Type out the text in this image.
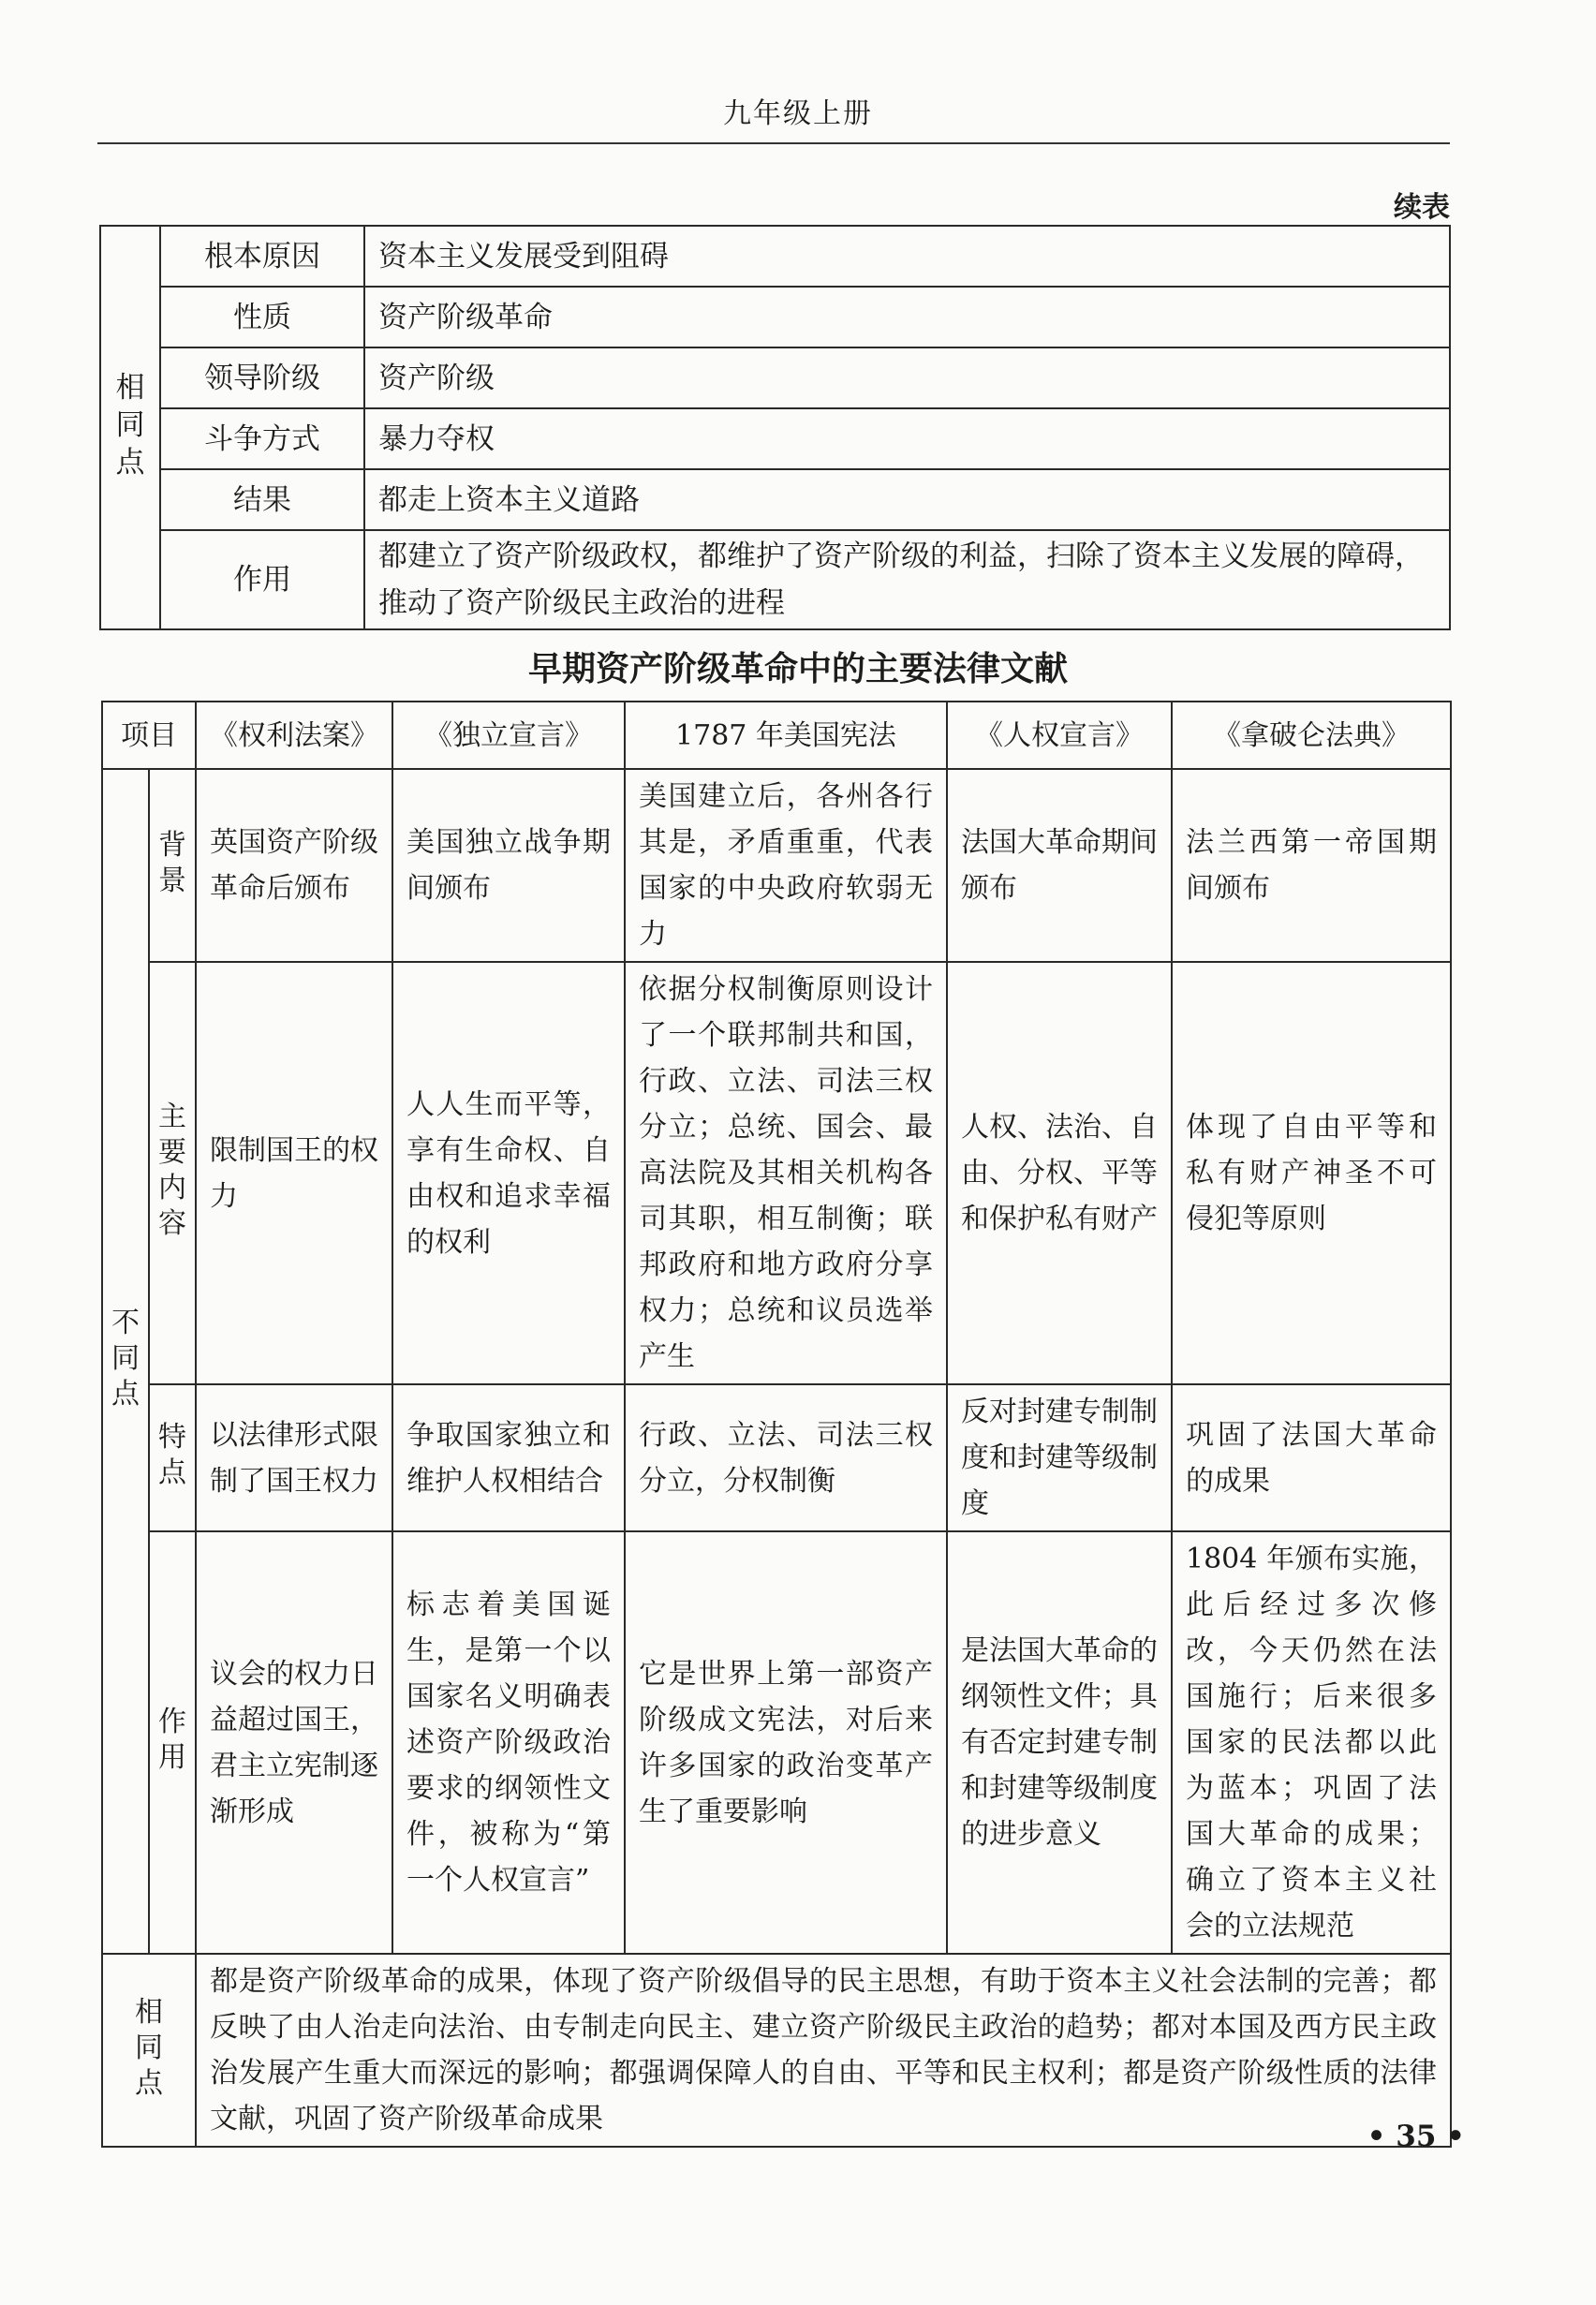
九年级上册
续表
相同点	根本原因	资本主义发展受到阻碍
	性质	资产阶级革命
	领导阶级	资产阶级
	斗争方式	暴力夺权
	结果	都走上资本主义道路
	作用	都建立了资产阶级政权，都维护了资产阶级的利益，扫除了资本主义发展的障碍，推动了资产阶级民主政治的进程
早期资产阶级革命中的主要法律文献
项目		《权利法案》	《独立宣言》	1787 年美国宪法	《人权宣言》	《拿破仑法典》
不同点	背景	英国资产阶级革命后颁布	美国独立战争期间颁布	美国建立后，各州各行其是，矛盾重重，代表国家的中央政府软弱无力	法国大革命期间颁布	法兰西第一帝国期间颁布
	主要内容	限制国王的权力	人人生而平等，享有生命权、自由权和追求幸福的权利	依据分权制衡原则设计了一个联邦制共和国，行政、立法、司法三权分立；总统、国会、最高法院及其相关机构各司其职，相互制衡；联邦政府和地方政府分享权力；总统和议员选举产生	人权、法治、自由、分权、平等和保护私有财产	体现了自由平等和私有财产神圣不可侵犯等原则
	特点	以法律形式限制了国王权力	争取国家独立和维护人权相结合	行政、立法、司法三权分立，分权制衡	反对封建专制制度和封建等级制度	巩固了法国大革命的成果
	作用	议会的权力日益超过国王，君主立宪制逐渐形成	标志着美国诞生，是第一个以国家名义明确表述资产阶级政治要求的纲领性文件，被称为“第一个人权宣言”	它是世界上第一部资产阶级成文宪法，对后来许多国家的政治变革产生了重要影响	是法国大革命的纲领性文件；具有否定封建专制和封建等级制度的进步意义	1804 年颁布实施，此后经过多次修改，今天仍然在法国施行；后来很多国家的民法都以此为蓝本；巩固了法国大革命的成果；确立了资本主义社会的立法规范
相同点		都是资产阶级革命的成果，体现了资产阶级倡导的民主思想，有助于资本主义社会法制的完善；都反映了由人治走向法治、由专制走向民主、建立资产阶级民主政治的趋势；都对本国及西方民主政治发展产生重大而深远的影响；都强调保障人的自由、平等和民主权利；都是资产阶级性质的法律文献，巩固了资产阶级革命成果				
• 35 •
